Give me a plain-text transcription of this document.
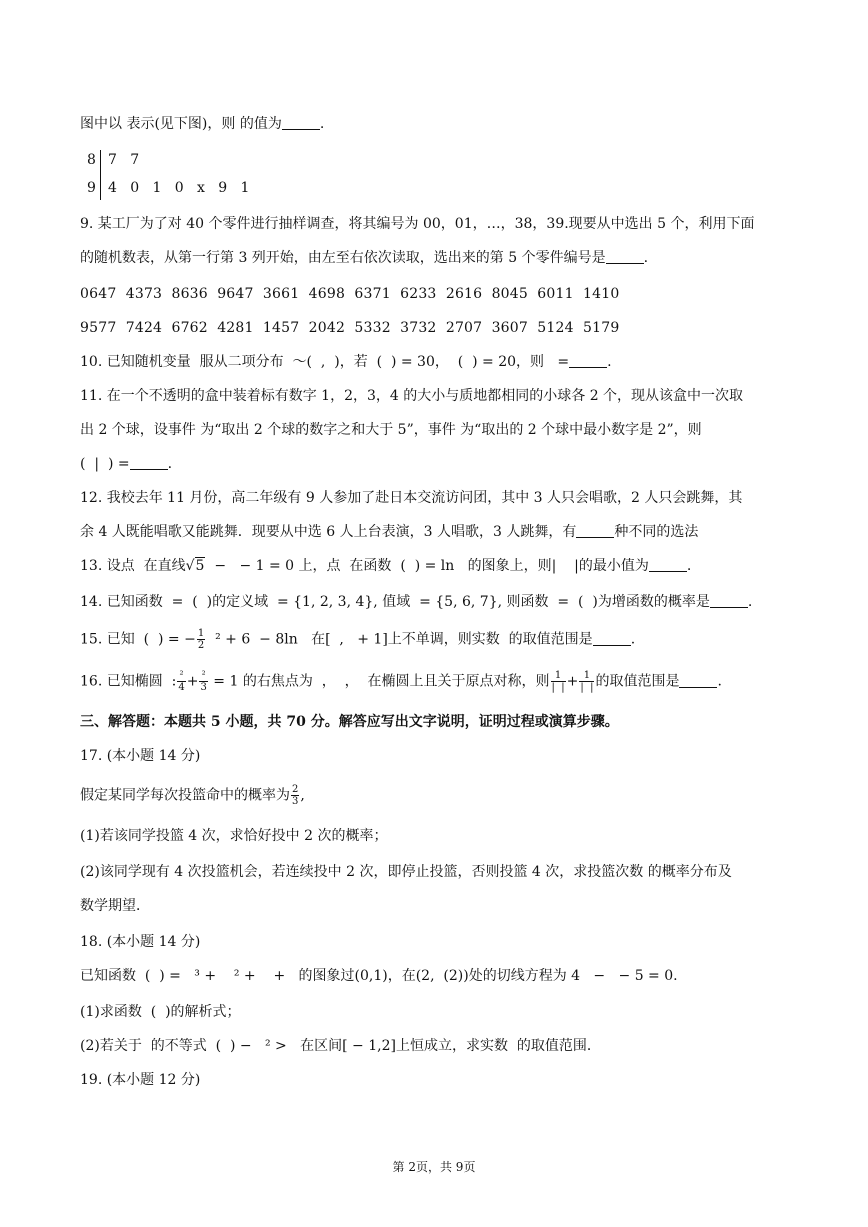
图中以 表示(见下图)，则 的值为	.
8 7   7
9 4   0   1   0   x   9   1
9. 某工厂为了对 40 个零件进行抽样调查，将其编号为 00，01，…，38，39.现要从中选出 5 个，利用下面
的随机数表，从第一行第 3 列开始，由左至右依次读取，选出来的第 5 个零件编号是	.
0647  4373  8636  9647  3661  4698  6371  6233  2616  8045  6011  1410
9577  7424  6762  4281  1457  2042  5332  3732  2707  3607  5124  5179
10. 已知随机变量  服从二项分布  ～(  ,  )，若  (  ) = 30，  (  ) = 20，则   =	.
11. 在一个不透明的盒中装着标有数字 1，2，3，4 的大小与质地都相同的小球各 2 个，现从该盒中一次取
出 2 个球，设事件 为“取出 2 个球的数字之和大于 5”，事件 为“取出的 2 个球中最小数字是 2”，则
(  |  ) =	.
12. 我校去年 11 月份，高二年级有 9 人参加了赴日本交流访问团，其中 3 人只会唱歌，2 人只会跳舞，其
余 4 人既能唱歌又能跳舞．现要从中选 6 人上台表演，3 人唱歌，3 人跳舞，有	种不同的选法
13. 设点  在直线√5  −   − 1 = 0 上，点  在函数  (  ) = ln   的图象上，则|    |的最小值为	.
14. 已知函数  =  (  )的定义域  = {1, 2, 3, 4}, 值域  = {5, 6, 7}, 则函数  =  (  )为增函数的概率是	.
15. 已知  (  ) = − $\frac{1}{2} ^2 + 6 - 8\ln$   在[  ,   + 1]上不单调，则实数  的取值范围是	.
16. 已知椭圆  : $\frac{\text{²}}{4} + \frac{\text{²}}{3} = 1$ 的右焦点为  ，  ，  在椭圆上且关于原点对称，则 $\frac{1}{| |} + \frac{1}{| |}$ 的取值范围是	.
三、解答题：本题共 5 小题，共 70 分。解答应写出文字说明，证明过程或演算步骤。
17. (本小题 14 分)
假定某同学每次投篮命中的概率为 $\frac{2}{3}$ ,
(1)若该同学投篮 4 次，求恰好投中 2 次的概率；
(2)该同学现有 4 次投篮机会，若连续投中 2 次，即停止投篮，否则投篮 4 次，求投篮次数 的概率分布及
数学期望．
18. (本小题 14 分)
已知函数  (  ) =   ³ +    ² +    +   的图象过(0,1)，在(2,  (2))处的切线方程为 4   −   − 5 = 0.
(1)求函数  (  )的解析式；
(2)若关于  的不等式  (  ) −   ² >   在区间[ − 1,2]上恒成立，求实数  的取值范围．
19. (本小题 12 分)
第 2页，共 9页
